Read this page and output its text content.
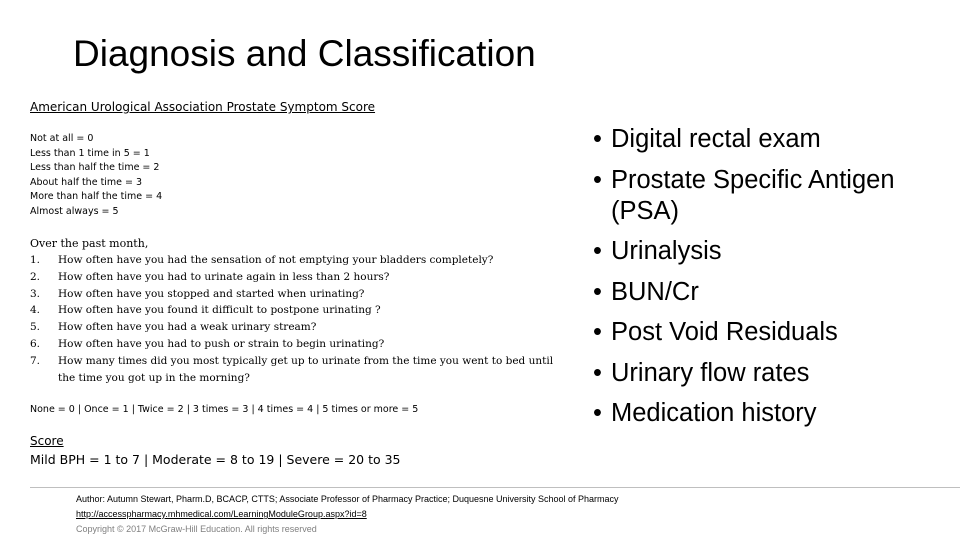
Diagnosis and Classification
American Urological Association Prostate Symptom Score
Not at all = 0
Less than 1 time in 5 = 1
Less than half the time = 2
About half the time = 3
More than half the time = 4
Almost always = 5
Over the past month,
1.	How often have you had the sensation of not emptying your bladders completely?
2.	How often have you had to urinate again in less than 2 hours?
3.	How often have you stopped and started when urinating?
4.	How often have you found it difficult to postpone urinating ?
5.	How often have you had a weak urinary stream?
6.	How often have you had to push or strain to begin urinating?
7.	How many times did you most typically get up to urinate from the time you went to bed until the time you got up in the morning?
None = 0 | Once = 1 | Twice = 2 | 3 times = 3 | 4 times = 4 | 5 times or more = 5
Score
Mild BPH = 1 to 7 | Moderate = 8 to 19 | Severe = 20 to 35
• Digital rectal exam
• Prostate Specific Antigen (PSA)
• Urinalysis
• BUN/Cr
• Post Void Residuals
• Urinary flow rates
• Medication history
Author: Autumn Stewart, Pharm.D, BCACP, CTTS; Associate Professor of Pharmacy Practice; Duquesne University School of Pharmacy
http://accesspharmacy.mhmedical.com/LearningModuleGroup.aspx?id=8
Copyright © 2017 McGraw-Hill Education. All rights reserved
